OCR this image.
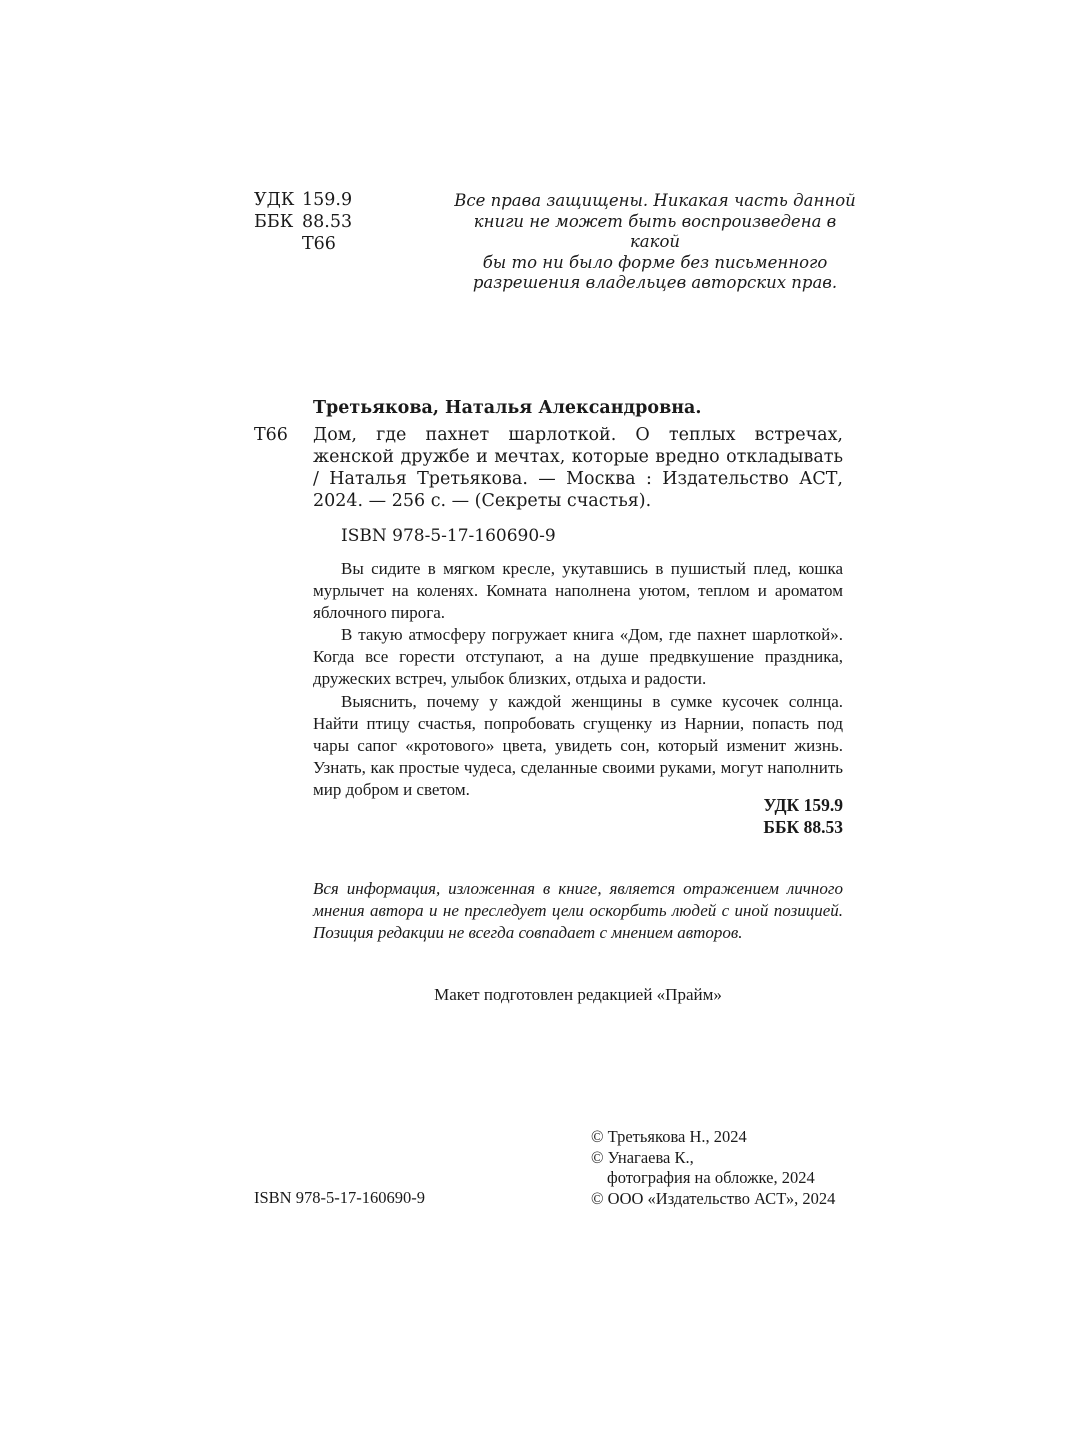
УДК 159.9
ББК 88.53
Т66
Все права защищены. Никакая часть данной
книги не может быть воспроизведена в какой
бы то ни было форме без письменного
разрешения владельцев авторских прав.
Третьякова, Наталья Александровна.
Т66 Дом, где пахнет шарлоткой. О теплых встречах, женской дружбе и мечтах, которые вредно откладывать / Наталья Третьякова. — Москва : Издательство АСТ, 2024. — 256 с. — (Секреты счастья).
ISBN 978-5-17-160690-9

Вы сидите в мягком кресле, укутавшись в пушистый плед, кошка мурлычет на коленях. Комната наполнена уютом, теплом и ароматом яблочного пирога.

В такую атмосферу погружает книга «Дом, где пахнет шарлоткой». Когда все горести отступают, а на душе предвкушение праздника, дружеских встреч, улыбок близких, отдыха и радости.

Выяснить, почему у каждой женщины в сумке кусочек солнца. Найти птицу счастья, попробовать сгущенку из Нарнии, попасть под чары сапог «кротового» цвета, увидеть сон, который изменит жизнь. Узнать, как простые чудеса, сделанные своими руками, могут наполнить мир добром и светом.

УДК 159.9
ББК 88.53
Вся информация, изложенная в книге, является отражением личного мнения автора и не преследует цели оскорбить людей с иной позицией. Позиция редакции не всегда совпадает с мнением авторов.
Макет подготовлен редакцией «Прайм»
© Третьякова Н., 2024
© Унагаева К.,
фотография на обложке, 2024
© ООО «Издательство АСТ», 2024
ISBN 978-5-17-160690-9
